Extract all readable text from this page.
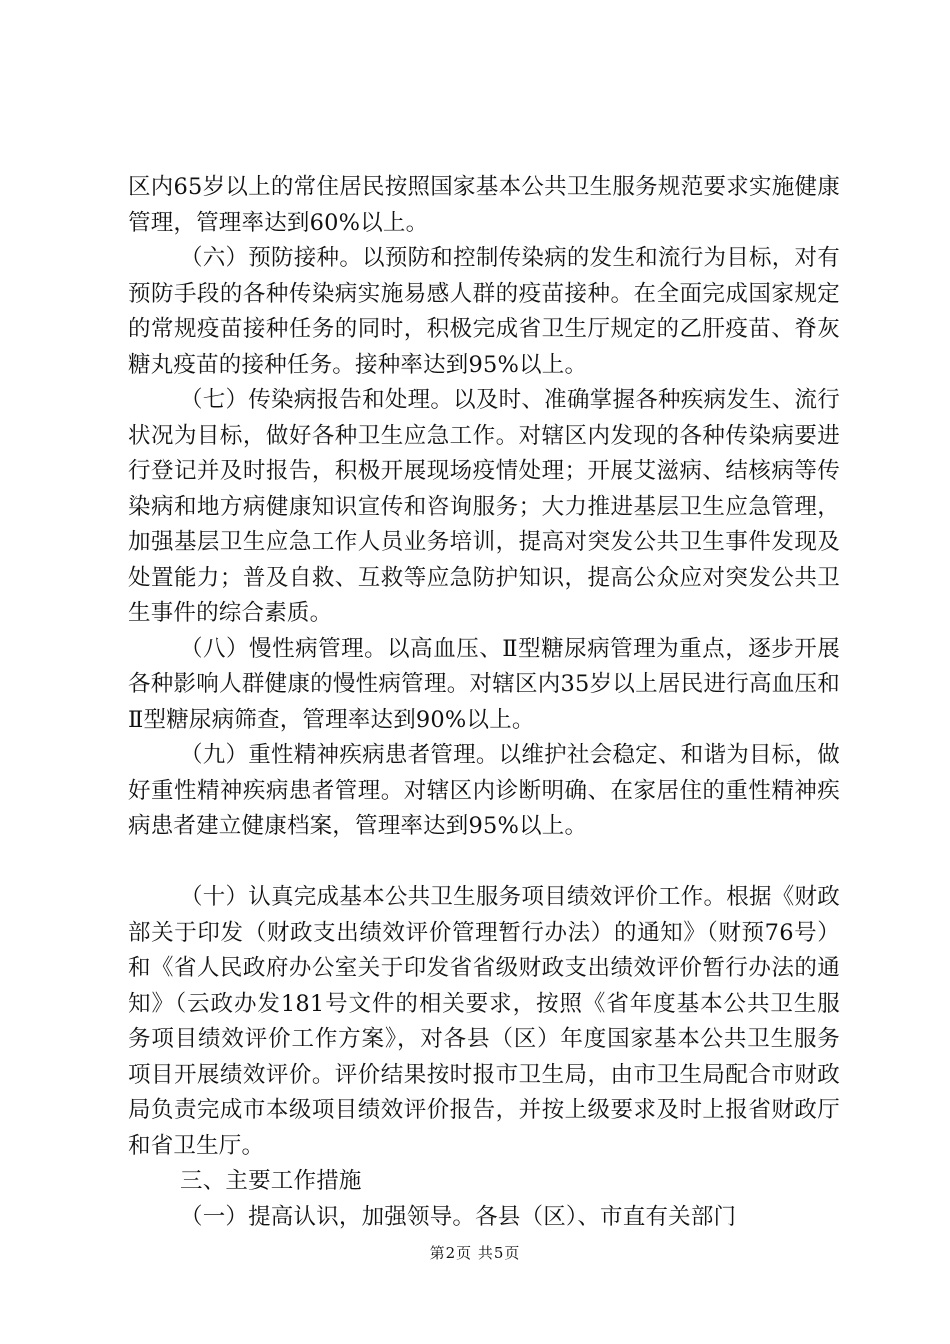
区内65岁以上的常住居民按照国家基本公共卫生服务规范要求实施健康管理，管理率达到60%以上。

（六）预防接种。以预防和控制传染病的发生和流行为目标，对有预防手段的各种传染病实施易感人群的疫苗接种。在全面完成国家规定的常规疫苗接种任务的同时，积极完成省卫生厅规定的乙肝疫苗、脊灰糖丸疫苗的接种任务。接种率达到95%以上。

（七）传染病报告和处理。以及时、准确掌握各种疾病发生、流行状况为目标，做好各种卫生应急工作。对辖区内发现的各种传染病要进行登记并及时报告，积极开展现场疫情处理；开展艾滋病、结核病等传染病和地方病健康知识宣传和咨询服务；大力推进基层卫生应急管理，加强基层卫生应急工作人员业务培训，提高对突发公共卫生事件发现及处置能力；普及自救、互救等应急防护知识，提高公众应对突发公共卫生事件的综合素质。

（八）慢性病管理。以高血压、Ⅱ型糖尿病管理为重点，逐步开展各种影响人群健康的慢性病管理。对辖区内35岁以上居民进行高血压和Ⅱ型糖尿病筛查，管理率达到90%以上。

（九）重性精神疾病患者管理。以维护社会稳定、和谐为目标，做好重性精神疾病患者管理。对辖区内诊断明确、在家居住的重性精神疾病患者建立健康档案，管理率达到95%以上。

（十）认真完成基本公共卫生服务项目绩效评价工作。根据《财政部关于印发（财政支出绩效评价管理暂行办法）的通知》（财预76号）和《省人民政府办公室关于印发省省级财政支出绩效评价暂行办法的通知》（云政办发181号文件的相关要求，按照《省年度基本公共卫生服务项目绩效评价工作方案》，对各县（区）年度国家基本公共卫生服务项目开展绩效评价。评价结果按时报市卫生局，由市卫生局配合市财政局负责完成市本级项目绩效评价报告，并按上级要求及时上报省财政厅和省卫生厅。

三、主要工作措施

（一）提高认识，加强领导。各县（区）、市直有关部门

第2页 共5页
